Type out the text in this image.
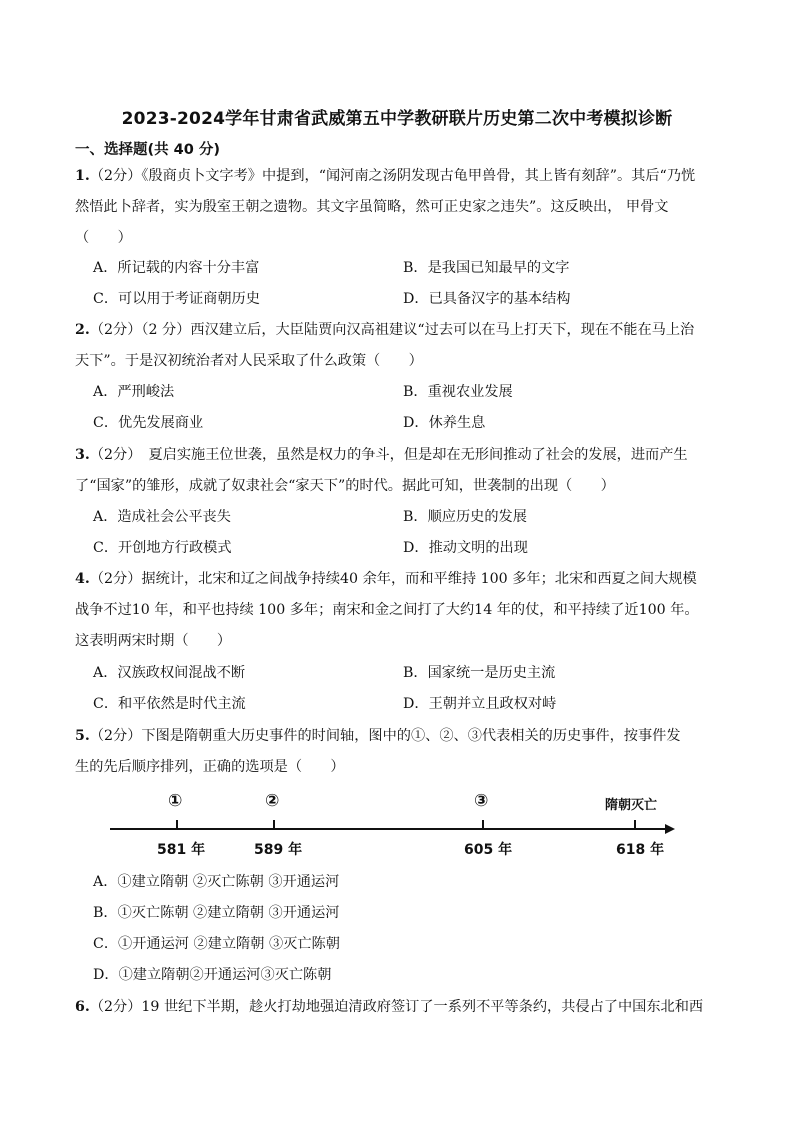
2023-2024学年甘肃省武威第五中学教研联片历史第二次中考模拟诊断
一、选择题(共 40 分)
1.（2分）《殷商贞卜文字考》中提到，“闻河南之汤阴发现古龟甲兽骨，其上皆有刻辞”。其后“乃恍
然悟此卜辞者，实为殷室王朝之遗物。其文字虽简略，然可正史家之违失”。这反映出， 甲骨文
（　　）
A．所记载的内容十分丰富	B．是我国已知最早的文字
C．可以用于考证商朝历史	D．已具备汉字的基本结构
2.（2分）（2 分）西汉建立后，大臣陆贾向汉高祖建议“过去可以在马上打天下，现在不能在马上治
天下”。于是汉初统治者对人民采取了什么政策（　　）
A．严刑峻法	B．重视农业发展
C．优先发展商业	D．休养生息
3.（2分）　夏启实施王位世袭，虽然是权力的争斗，但是却在无形间推动了社会的发展，进而产生
了“国家”的雏形，成就了奴隶社会“家天下”的时代。据此可知，世袭制的出现（　　）
A．造成社会公平丧失	B．顺应历史的发展
C．开创地方行政模式	D．推动文明的出现
4.（2分）据统计，北宋和辽之间战争持续40 余年，而和平维持 100 多年；北宋和西夏之间大规模
战争不过10 年，和平也持续 100 多年；南宋和金之间打了大约14 年的仗，和平持续了近100 年。
这表明两宋时期（　　）
A．汉族政权间混战不断	B．国家统一是历史主流
C．和平依然是时代主流	D．王朝并立且政权对峙
5.（2分）下图是隋朝重大历史事件的时间轴，图中的①、②、③代表相关的历史事件，按事件发
生的先后顺序排列，正确的选项是（　　）
①	②	③	隋朝灭亡
581 年	589 年	605 年	618 年
A．①建立隋朝 ②灭亡陈朝 ③开通运河
B．①灭亡陈朝 ②建立隋朝 ③开通运河
C．①开通运河 ②建立隋朝 ③灭亡陈朝
D．①建立隋朝②开通运河③灭亡陈朝
6.（2分）19 世纪下半期，趁火打劫地强迫清政府签订了一系列不平等条约，共侵占了中国东北和西
